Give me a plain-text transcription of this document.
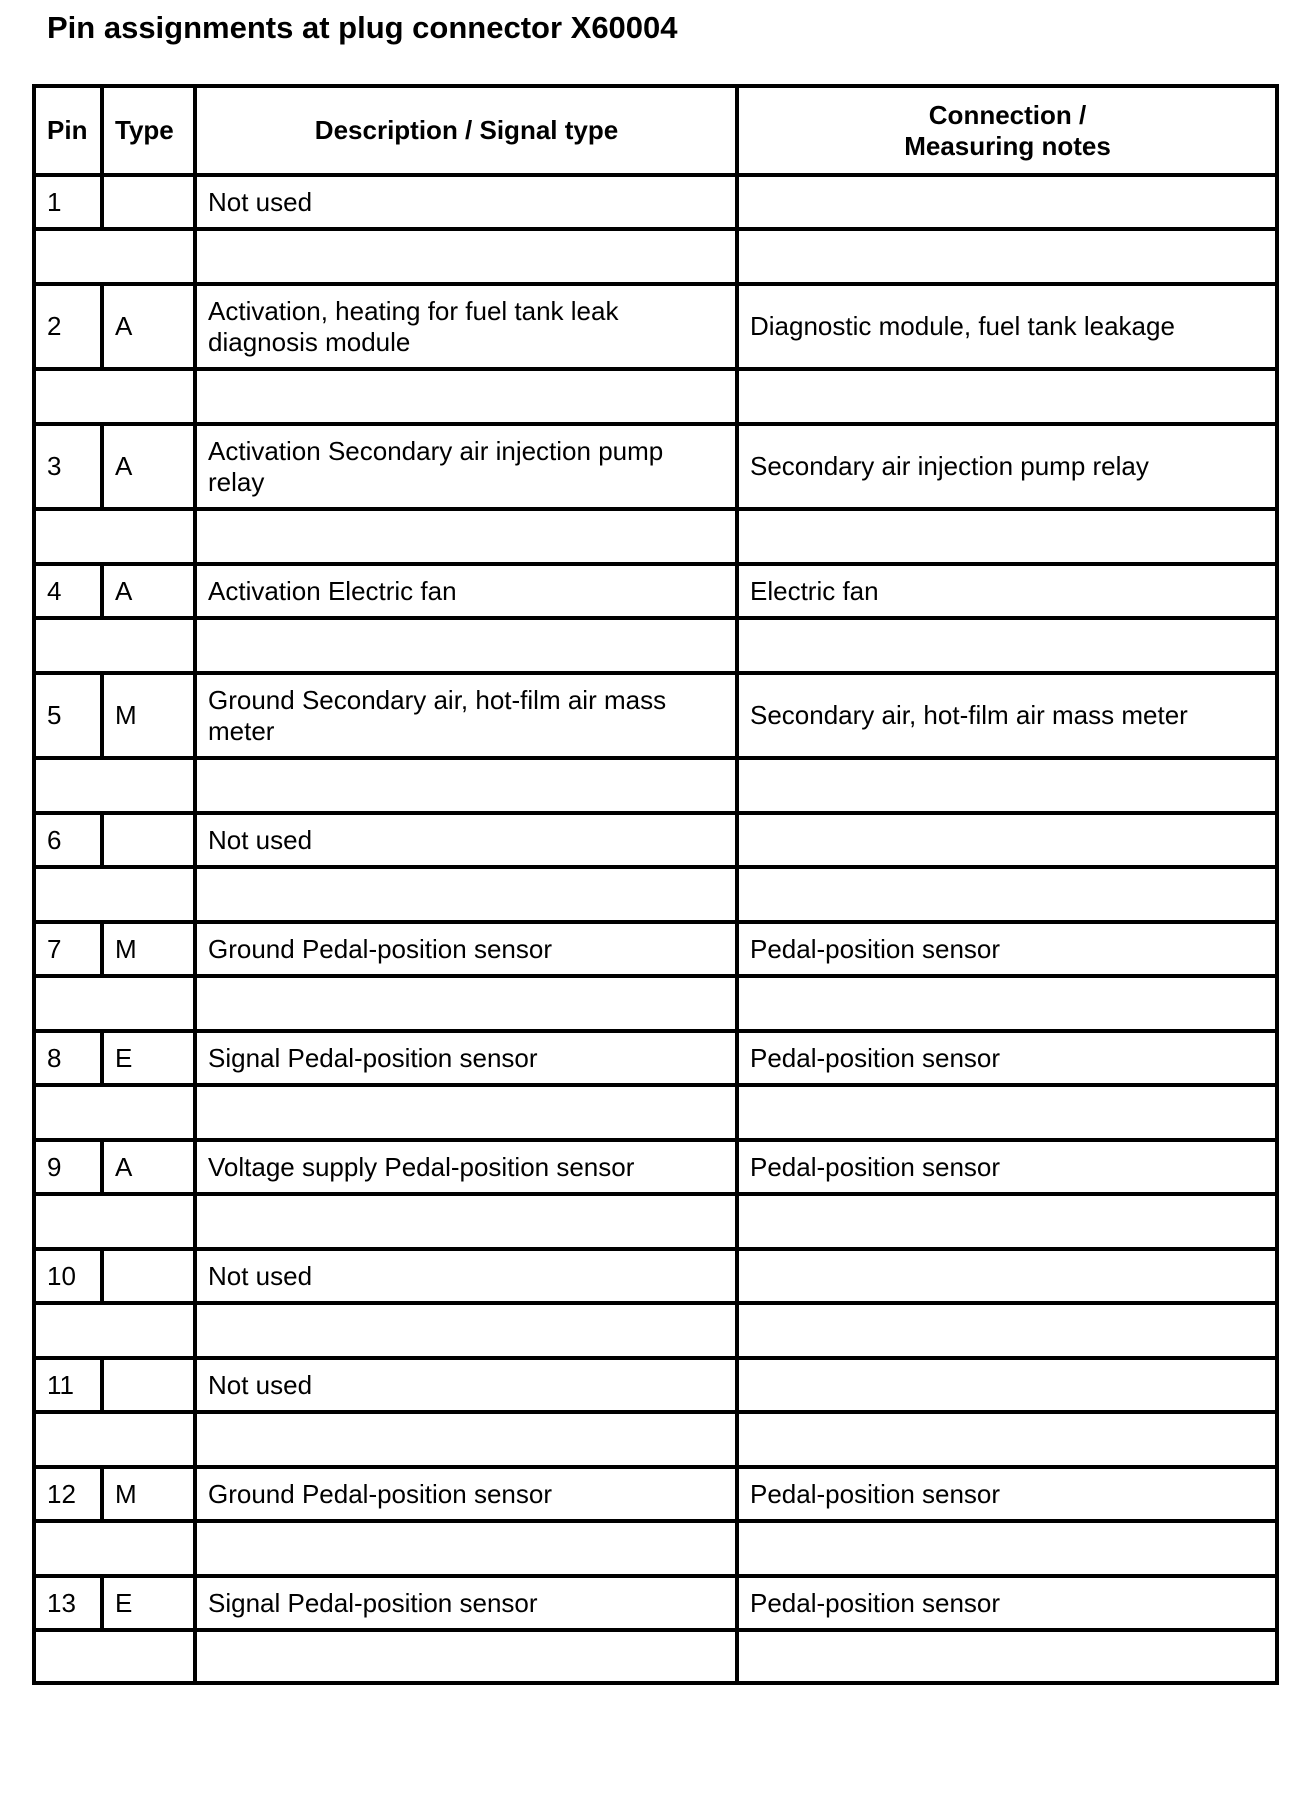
Pin assignments at plug connector X60004
Pin	Type	Description / Signal type	Connection /
Measuring notes
1		Not used	

2	A	Activation, heating for fuel tank leak diagnosis module	Diagnostic module, fuel tank leakage

3	A	Activation Secondary air injection pump relay	Secondary air injection pump relay

4	A	Activation Electric fan	Electric fan

5	M	Ground Secondary air, hot-film air mass meter	Secondary air, hot-film air mass meter

6		Not used	

7	M	Ground Pedal-position sensor	Pedal-position sensor

8	E	Signal Pedal-position sensor	Pedal-position sensor

9	A	Voltage supply Pedal-position sensor	Pedal-position sensor

10		Not used	

11		Not used	

12	M	Ground Pedal-position sensor	Pedal-position sensor

13	E	Signal Pedal-position sensor	Pedal-position sensor
